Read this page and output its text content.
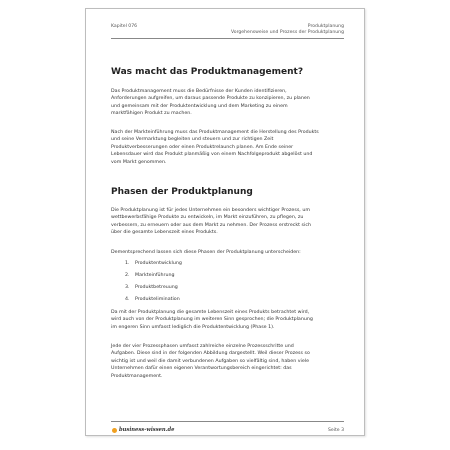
Kapitel 076	Produktplanung
Vorgehensweise und Prozess der Produktplanung
Was macht das Produktmanagement?
Das Produktmanagement muss die Bedürfnisse der Kunden identifizieren,
Anforderungen aufgreifen, um daraus passende Produkte zu konzipieren, zu planen
und gemeinsam mit der Produktentwicklung und dem Marketing zu einem
marktfähigen Produkt zu machen.
Nach der Markteinführung muss das Produktmanagement die Herstellung des Produkts
und seine Vermarktung begleiten und steuern und zur richtigen Zeit
Produktverbesserungen oder einen Produktrelaunch planen. Am Ende seiner
Lebensdauer wird das Produkt planmäßig von einem Nachfolgeprodukt abgelöst und
vom Markt genommen.
Phasen der Produktplanung
Die Produktplanung ist für jedes Unternehmen ein besonders wichtiger Prozess, um
wettbewerbsfähige Produkte zu entwickeln, im Markt einzuführen, zu pflegen, zu
verbessern, zu erneuern oder aus dem Markt zu nehmen. Der Prozess erstreckt sich
über die gesamte Lebenszeit eines Produkts.
Dementsprechend lassen sich diese Phasen der Produktplanung unterscheiden:
1. Produktentwicklung
2. Markteinführung
3. Produktbetreuung
4. Produktelimination
Da mit der Produktplanung die gesamte Lebenszeit eines Produkts betrachtet wird,
wird auch von der Produktplanung im weiteren Sinn gesprochen; die Produktplanung
im engeren Sinn umfasst lediglich die Produktentwicklung (Phase 1).
Jede der vier Prozessphasen umfasst zahlreiche einzelne Prozessschritte und
Aufgaben. Diese sind in der folgenden Abbildung dargestellt. Weil dieser Prozess so
wichtig ist und weil die damit verbundenen Aufgaben so vielfältig sind, haben viele
Unternehmen dafür einen eigenen Verantwortungsbereich eingerichtet: das
Produktmanagement.
business-wissen.de	Seite 3
